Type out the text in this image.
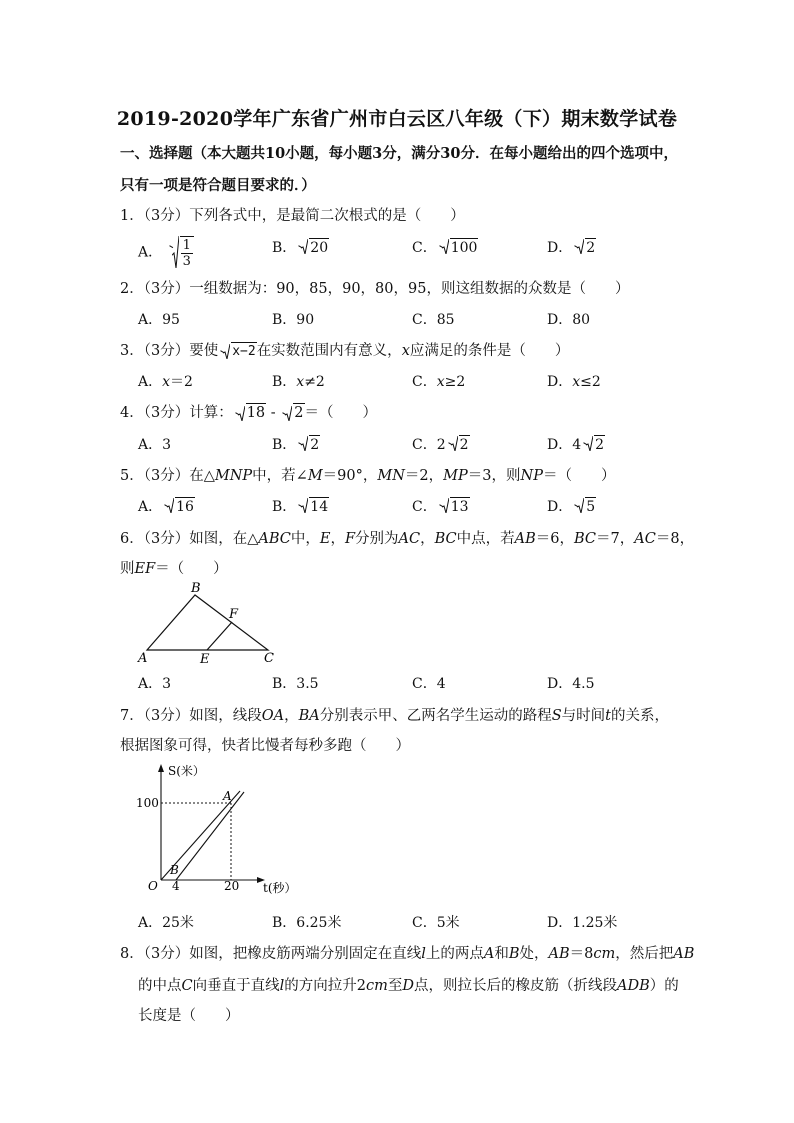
2019-2020学年广东省广州市白云区八年级（下）期末数学试卷
一、选择题（本大题共10小题，每小题3分，满分30分．在每小题给出的四个选项中，
只有一项是符合题目要求的．）
1．（3分）下列各式中，是最简二次根式的是（　　）
A． $\frac{1}{3}$	B． 20	C． 100	D． 2
2．（3分）一组数据为：90，85，90，80，95，则这组数据的众数是（　　）
A．95	B．90	C．85	D．80
3．（3分）要使 x−2在实数范围内有意义，x应满足的条件是（　　）
A．x＝2	B．x≠2	C．x≥2	D．x≤2
4．（3分）计算： 18 -
2＝（　　）
A．3	B． 2	C．2 2	D．4 2
5．（3分）在△MNP中，若∠M＝90°，MN＝2，MP＝3，则NP＝（　　）
A． 16	B． 14	C． 13	D． 5
6．（3分）如图，在△ABC中，E，F分别为AC，BC中点，若AB＝6，BC＝7，AC＝8，
则EF＝（　　）
A
B
C
E
F
A．3	B．3.5	C．4	D．4.5
7．（3分）如图，线段OA，BA分别表示甲、乙两名学生运动的路程S与时间t的关系，
根据图象可得，快者比慢者每秒多跑（　　）
S(米）
100	A
B
O 4	20 t(秒）
A．25米	B．6.25米	C．5米	D．1.25米
8．（3分）如图，把橡皮筋两端分别固定在直线l上的两点A和B处，AB＝8cm，然后把AB
的中点C向垂直于直线l的方向拉升2cm至D点，则拉长后的橡皮筋（折线段ADB）的
长度是（　　）
